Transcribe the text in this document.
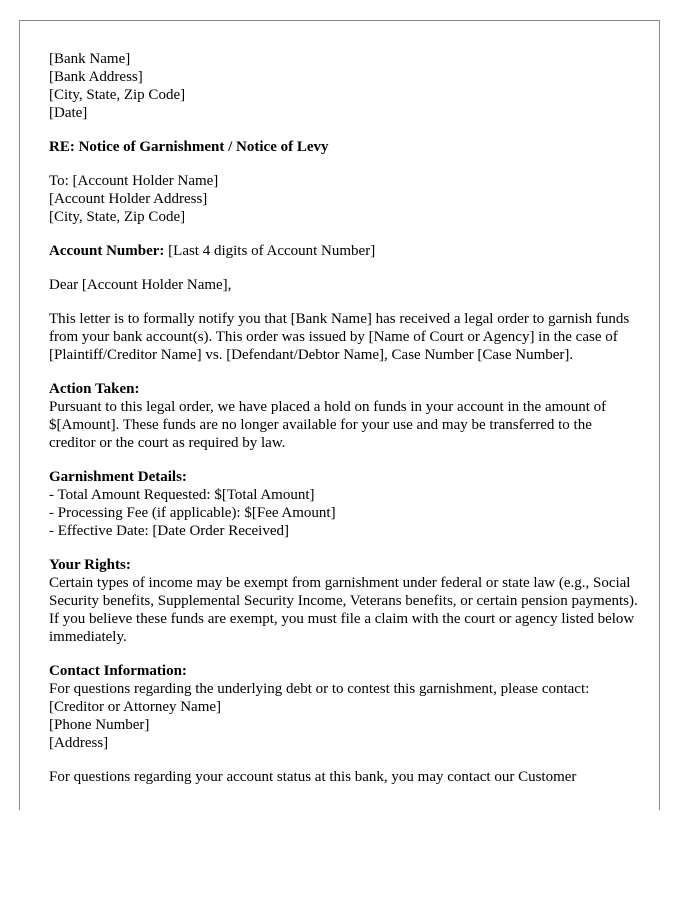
[Bank Name]
[Bank Address]
[City, State, Zip Code]
[Date]

RE: Notice of Garnishment / Notice of Levy

To: [Account Holder Name]
[Account Holder Address]
[City, State, Zip Code]

Account Number: [Last 4 digits of Account Number]

Dear [Account Holder Name],

This letter is to formally notify you that [Bank Name] has received a legal order to garnish funds from your bank account(s). This order was issued by [Name of Court or Agency] in the case of [Plaintiff/Creditor Name] vs. [Defendant/Debtor Name], Case Number [Case Number].

Action Taken:
Pursuant to this legal order, we have placed a hold on funds in your account in the amount of $[Amount]. These funds are no longer available for your use and may be transferred to the creditor or the court as required by law.
Garnishment Details:
- Total Amount Requested: $[Total Amount]
- Processing Fee (if applicable): $[Fee Amount]
- Effective Date: [Date Order Received]
Your Rights:
Certain types of income may be exempt from garnishment under federal or state law (e.g., Social Security benefits, Supplemental Security Income, Veterans benefits, or certain pension payments). If you believe these funds are exempt, you must file a claim with the court or agency listed below immediately.
Contact Information:
For questions regarding the underlying debt or to contest this garnishment, please contact:
[Creditor or Attorney Name]
[Phone Number]
[Address]

For questions regarding your account status at this bank, you may contact our Customer
